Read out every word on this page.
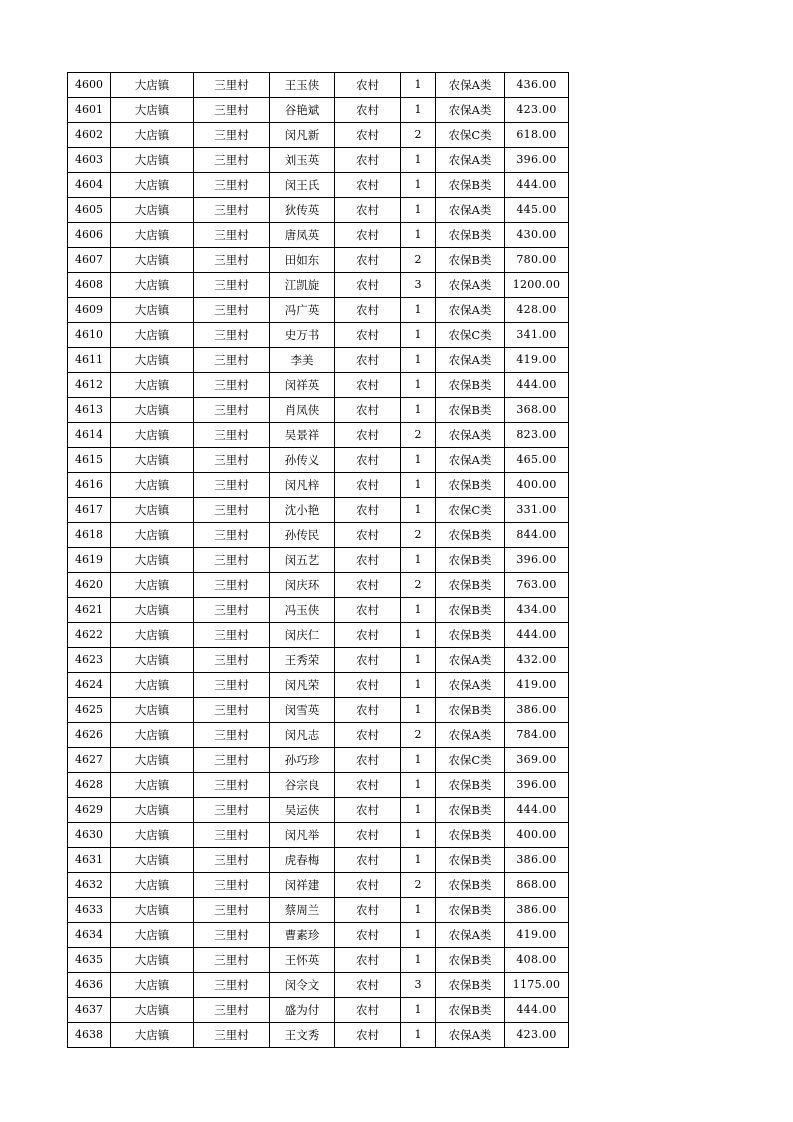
4600	大店镇	三里村	王玉侠	农村	1	农保A类	436.00
4601	大店镇	三里村	谷艳斌	农村	1	农保A类	423.00
4602	大店镇	三里村	闵凡新	农村	2	农保C类	618.00
4603	大店镇	三里村	刘玉英	农村	1	农保A类	396.00
4604	大店镇	三里村	闵王氏	农村	1	农保B类	444.00
4605	大店镇	三里村	狄传英	农村	1	农保A类	445.00
4606	大店镇	三里村	唐凤英	农村	1	农保B类	430.00
4607	大店镇	三里村	田如东	农村	2	农保B类	780.00
4608	大店镇	三里村	江凯旋	农村	3	农保A类	1200.00
4609	大店镇	三里村	冯广英	农村	1	农保A类	428.00
4610	大店镇	三里村	史万书	农村	1	农保C类	341.00
4611	大店镇	三里村	李美	农村	1	农保A类	419.00
4612	大店镇	三里村	闵祥英	农村	1	农保B类	444.00
4613	大店镇	三里村	肖凤侠	农村	1	农保B类	368.00
4614	大店镇	三里村	吴景祥	农村	2	农保A类	823.00
4615	大店镇	三里村	孙传义	农村	1	农保A类	465.00
4616	大店镇	三里村	闵凡梓	农村	1	农保B类	400.00
4617	大店镇	三里村	沈小艳	农村	1	农保C类	331.00
4618	大店镇	三里村	孙传民	农村	2	农保B类	844.00
4619	大店镇	三里村	闵五艺	农村	1	农保B类	396.00
4620	大店镇	三里村	闵庆环	农村	2	农保B类	763.00
4621	大店镇	三里村	冯玉侠	农村	1	农保B类	434.00
4622	大店镇	三里村	闵庆仁	农村	1	农保B类	444.00
4623	大店镇	三里村	王秀荣	农村	1	农保A类	432.00
4624	大店镇	三里村	闵凡荣	农村	1	农保A类	419.00
4625	大店镇	三里村	闵雪英	农村	1	农保B类	386.00
4626	大店镇	三里村	闵凡志	农村	2	农保A类	784.00
4627	大店镇	三里村	孙巧珍	农村	1	农保C类	369.00
4628	大店镇	三里村	谷宗良	农村	1	农保B类	396.00
4629	大店镇	三里村	吴运侠	农村	1	农保B类	444.00
4630	大店镇	三里村	闵凡举	农村	1	农保B类	400.00
4631	大店镇	三里村	虎春梅	农村	1	农保B类	386.00
4632	大店镇	三里村	闵祥建	农村	2	农保B类	868.00
4633	大店镇	三里村	蔡周兰	农村	1	农保B类	386.00
4634	大店镇	三里村	曹素珍	农村	1	农保A类	419.00
4635	大店镇	三里村	王怀英	农村	1	农保B类	408.00
4636	大店镇	三里村	闵令文	农村	3	农保B类	1175.00
4637	大店镇	三里村	盛为付	农村	1	农保B类	444.00
4638	大店镇	三里村	王文秀	农村	1	农保A类	423.00
